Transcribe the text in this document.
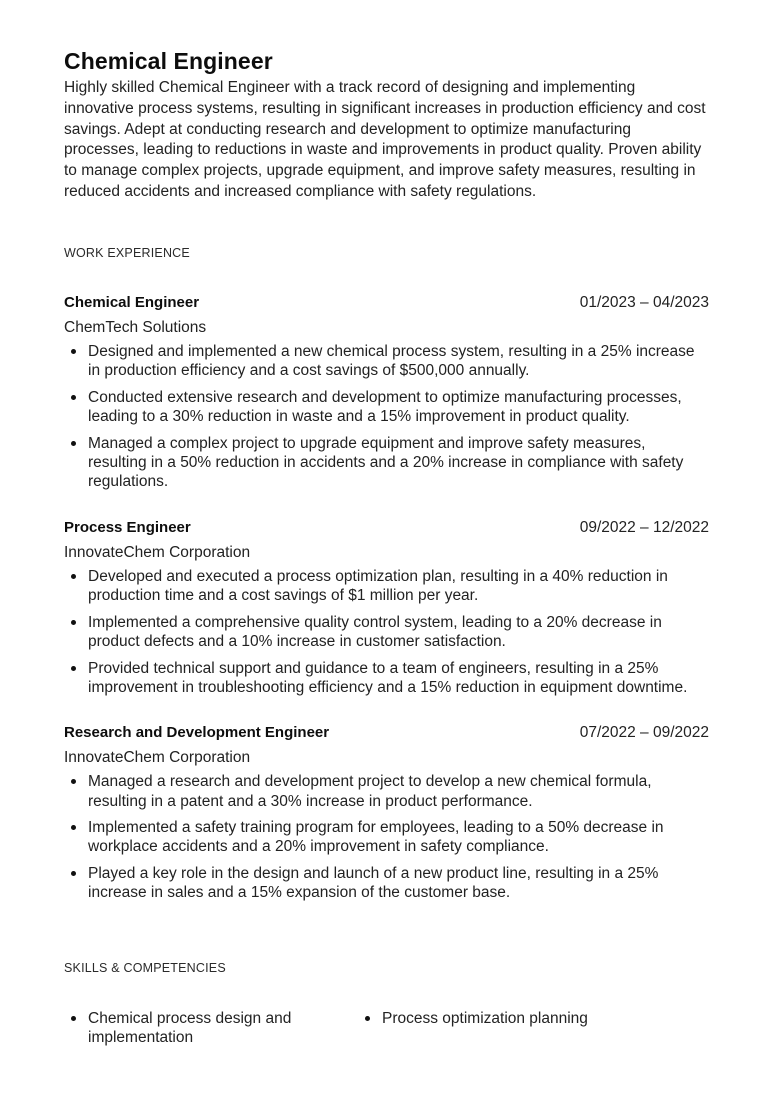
Chemical Engineer

Highly skilled Chemical Engineer with a track record of designing and implementing innovative process systems, resulting in significant increases in production efficiency and cost savings. Adept at conducting research and development to optimize manufacturing processes, leading to reductions in waste and improvements in product quality. Proven ability to manage complex projects, upgrade equipment, and improve safety measures, resulting in reduced accidents and increased compliance with safety regulations.

WORK EXPERIENCE
Chemical Engineer	01/2023 – 04/2023
ChemTech Solutions
Designed and implemented a new chemical process system, resulting in a 25% increase in production efficiency and a cost savings of $500,000 annually.
Conducted extensive research and development to optimize manufacturing processes, leading to a 30% reduction in waste and a 15% improvement in product quality.
Managed a complex project to upgrade equipment and improve safety measures, resulting in a 50% reduction in accidents and a 20% increase in compliance with safety regulations.
Process Engineer	09/2022 – 12/2022
InnovateChem Corporation
Developed and executed a process optimization plan, resulting in a 40% reduction in production time and a cost savings of $1 million per year.
Implemented a comprehensive quality control system, leading to a 20% decrease in product defects and a 10% increase in customer satisfaction.
Provided technical support and guidance to a team of engineers, resulting in a 25% improvement in troubleshooting efficiency and a 15% reduction in equipment downtime.
Research and Development Engineer	07/2022 – 09/2022
InnovateChem Corporation
Managed a research and development project to develop a new chemical formula, resulting in a patent and a 30% increase in product performance.
Implemented a safety training program for employees, leading to a 50% decrease in workplace accidents and a 20% improvement in safety compliance.
Played a key role in the design and launch of a new product line, resulting in a 25% increase in sales and a 15% expansion of the customer base.
SKILLS & COMPETENCIES
Chemical process design and implementation
Process optimization planning
